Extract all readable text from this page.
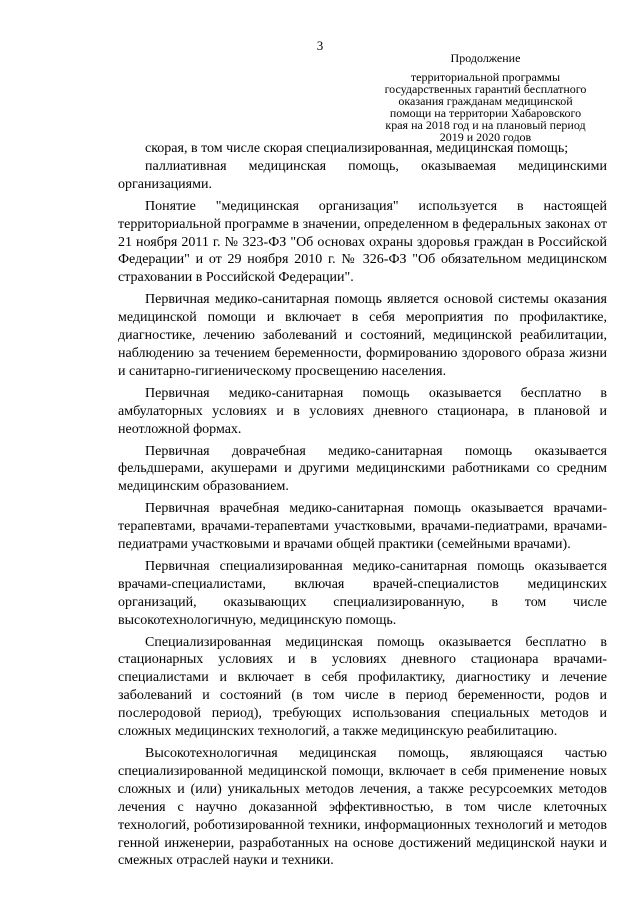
3
Продолжение
территориальной программы
государственных гарантий бесплатного
оказания гражданам медицинской
помощи на территории Хабаровского
края на 2018 год и на плановый период
2019 и 2020 годов

скорая, в том числе скорая специализированная, медицинская помощь;

паллиативная медицинская помощь, оказываемая медицинскими организациями.

Понятие "медицинская организация" используется в настоящей территориальной программе в значении, определенном в федеральных законах от 21 ноября 2011 г. № 323-ФЗ "Об основах охраны здоровья граждан в Российской Федерации" и от 29 ноября 2010 г. № 326-ФЗ "Об обязательном медицинском страховании в Российской Федерации".

Первичная медико-санитарная помощь является основой системы оказания медицинской помощи и включает в себя мероприятия по профилактике, диагностике, лечению заболеваний и состояний, медицинской реабилитации, наблюдению за течением беременности, формированию здорового образа жизни и санитарно-гигиеническому просвещению населения.

Первичная медико-санитарная помощь оказывается бесплатно в амбулаторных условиях и в условиях дневного стационара, в плановой и неотложной формах.

Первичная доврачебная медико-санитарная помощь оказывается фельдшерами, акушерами и другими медицинскими работниками со средним медицинским образованием.

Первичная врачебная медико-санитарная помощь оказывается врачами-терапевтами, врачами-терапевтами участковыми, врачами-педиатрами, врачами-педиатрами участковыми и врачами общей практики (семейными врачами).

Первичная специализированная медико-санитарная помощь оказывается врачами-специалистами, включая врачей-специалистов медицинских организаций, оказывающих специализированную, в том числе высокотехнологичную, медицинскую помощь.

Специализированная медицинская помощь оказывается бесплатно в стационарных условиях и в условиях дневного стационара врачами-специалистами и включает в себя профилактику, диагностику и лечение заболеваний и состояний (в том числе в период беременности, родов и послеродовой период), требующих использования специальных методов и сложных медицинских технологий, а также медицинскую реабилитацию.

Высокотехнологичная медицинская помощь, являющаяся частью специализированной медицинской помощи, включает в себя применение новых сложных и (или) уникальных методов лечения, а также ресурсоемких методов лечения с научно доказанной эффективностью, в том числе клеточных технологий, роботизированной техники, информационных технологий и методов генной инженерии, разработанных на основе достижений медицинской науки и смежных отраслей науки и техники.
